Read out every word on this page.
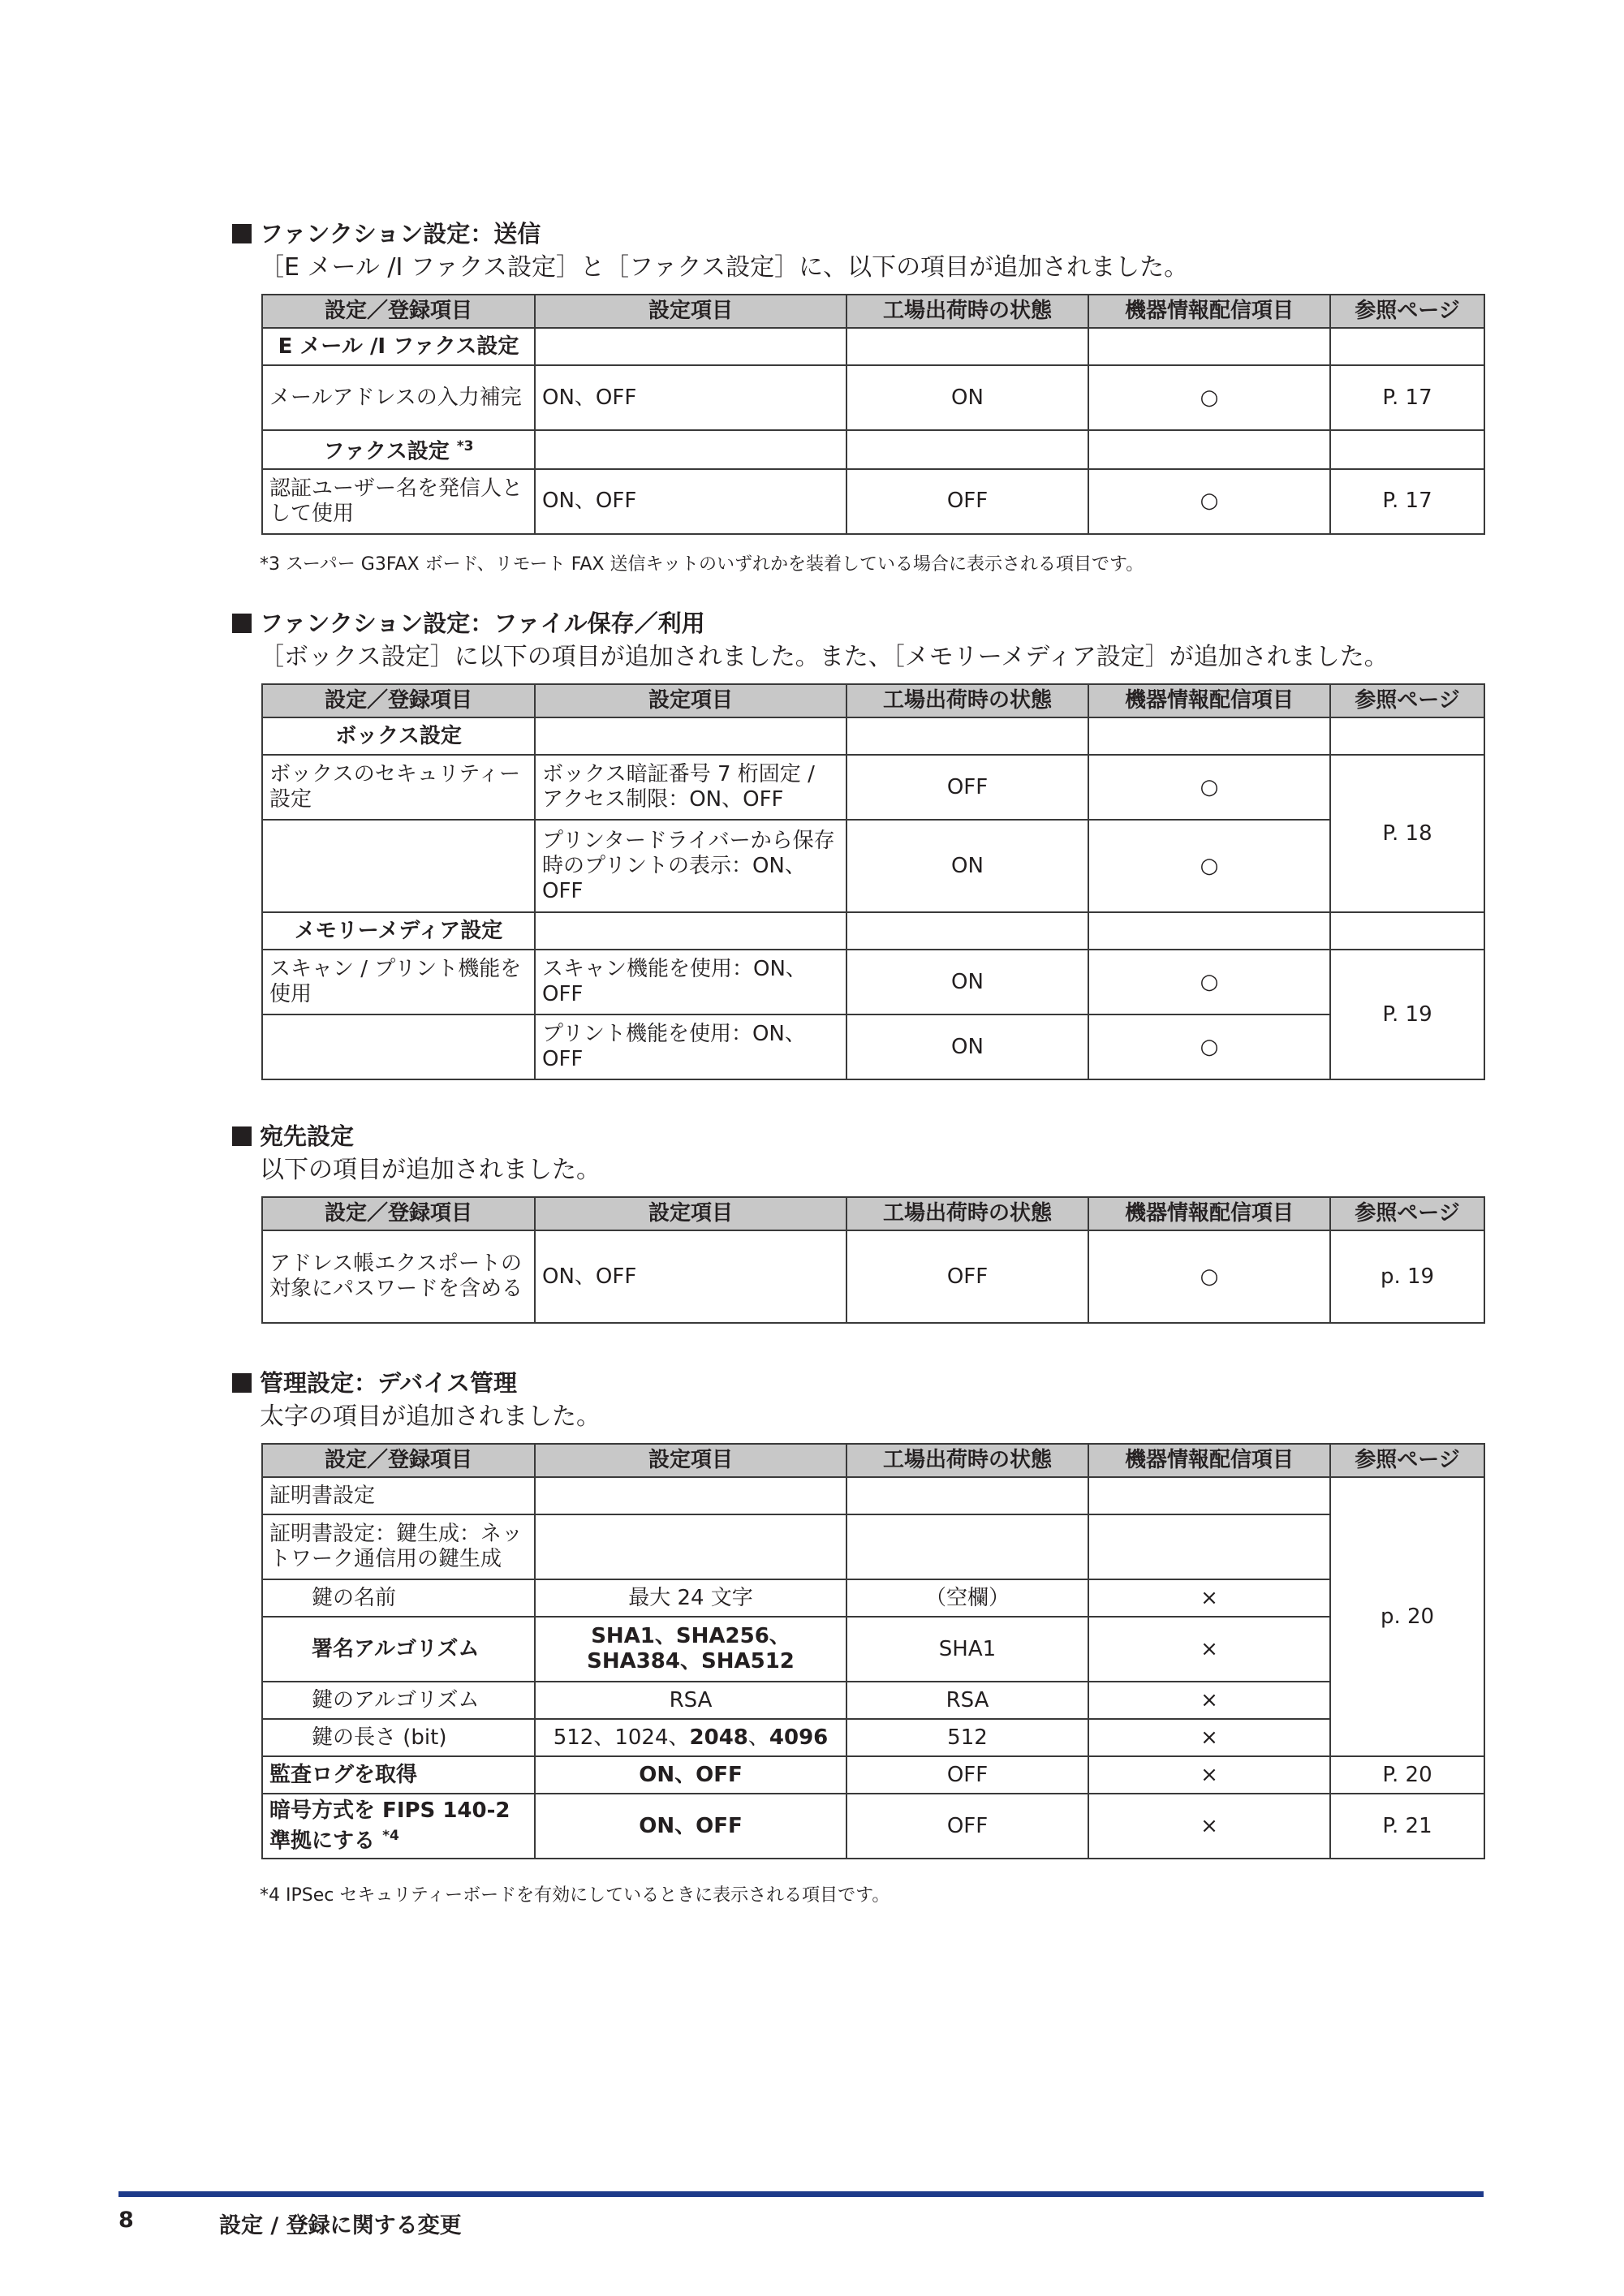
ファンクション設定：送信
［E メール /I ファクス設定］と［ファクス設定］に、以下の項目が追加されました。
設定／登録項目	設定項目	工場出荷時の状態	機器情報配信項目	参照ページ
E メール /I ファクス設定				
メールアドレスの入力補完	ON、OFF	ON	○	P. 17
ファクス設定 $^{*3}$				
認証ユーザー名を発信人として使用	ON、OFF	OFF	○	P. 17
*3 スーパー G3FAX ボード、リモート FAX 送信キットのいずれかを装着している場合に表示される項目です。
ファンクション設定：ファイル保存／利用
［ボックス設定］に以下の項目が追加されました。また、［メモリーメディア設定］が追加されました。
設定／登録項目	設定項目	工場出荷時の状態	機器情報配信項目	参照ページ
ボックス設定				
ボックスのセキュリティー設定	ボックス暗証番号 7 桁固定 / アクセス制限：ON、OFF	OFF	○	P. 18
	プリンタードライバーから保存時のプリントの表示：ON、OFF	ON	○	
メモリーメディア設定				
スキャン / プリント機能を使用	スキャン機能を使用：ON、OFF	ON	○	P. 19
	プリント機能を使用：ON、OFF	ON	○	
宛先設定
以下の項目が追加されました。
設定／登録項目	設定項目	工場出荷時の状態	機器情報配信項目	参照ページ
アドレス帳エクスポートの対象にパスワードを含める	ON、OFF	OFF	○	p. 19
管理設定：デバイス管理
太字の項目が追加されました。
設定／登録項目	設定項目	工場出荷時の状態	機器情報配信項目	参照ページ
証明書設定				p. 20
証明書設定：鍵生成：ネットワーク通信用の鍵生成				
鍵の名前	最大 24 文字	（空欄）	×	
署名アルゴリズム	SHA1、SHA256、SHA384、SHA512	SHA1	×	
鍵のアルゴリズム	RSA	RSA	×	
鍵の長さ (bit)	512、1024、2048、4096	512	×	
監査ログを取得	ON、OFF	OFF	×	P. 20
暗号方式を FIPS 140-2 準拠にする $^{*4}$	ON、OFF	OFF	×	P. 21
*4 IPSec セキュリティーボードを有効にしているときに表示される項目です。
8	設定 / 登録に関する変更
